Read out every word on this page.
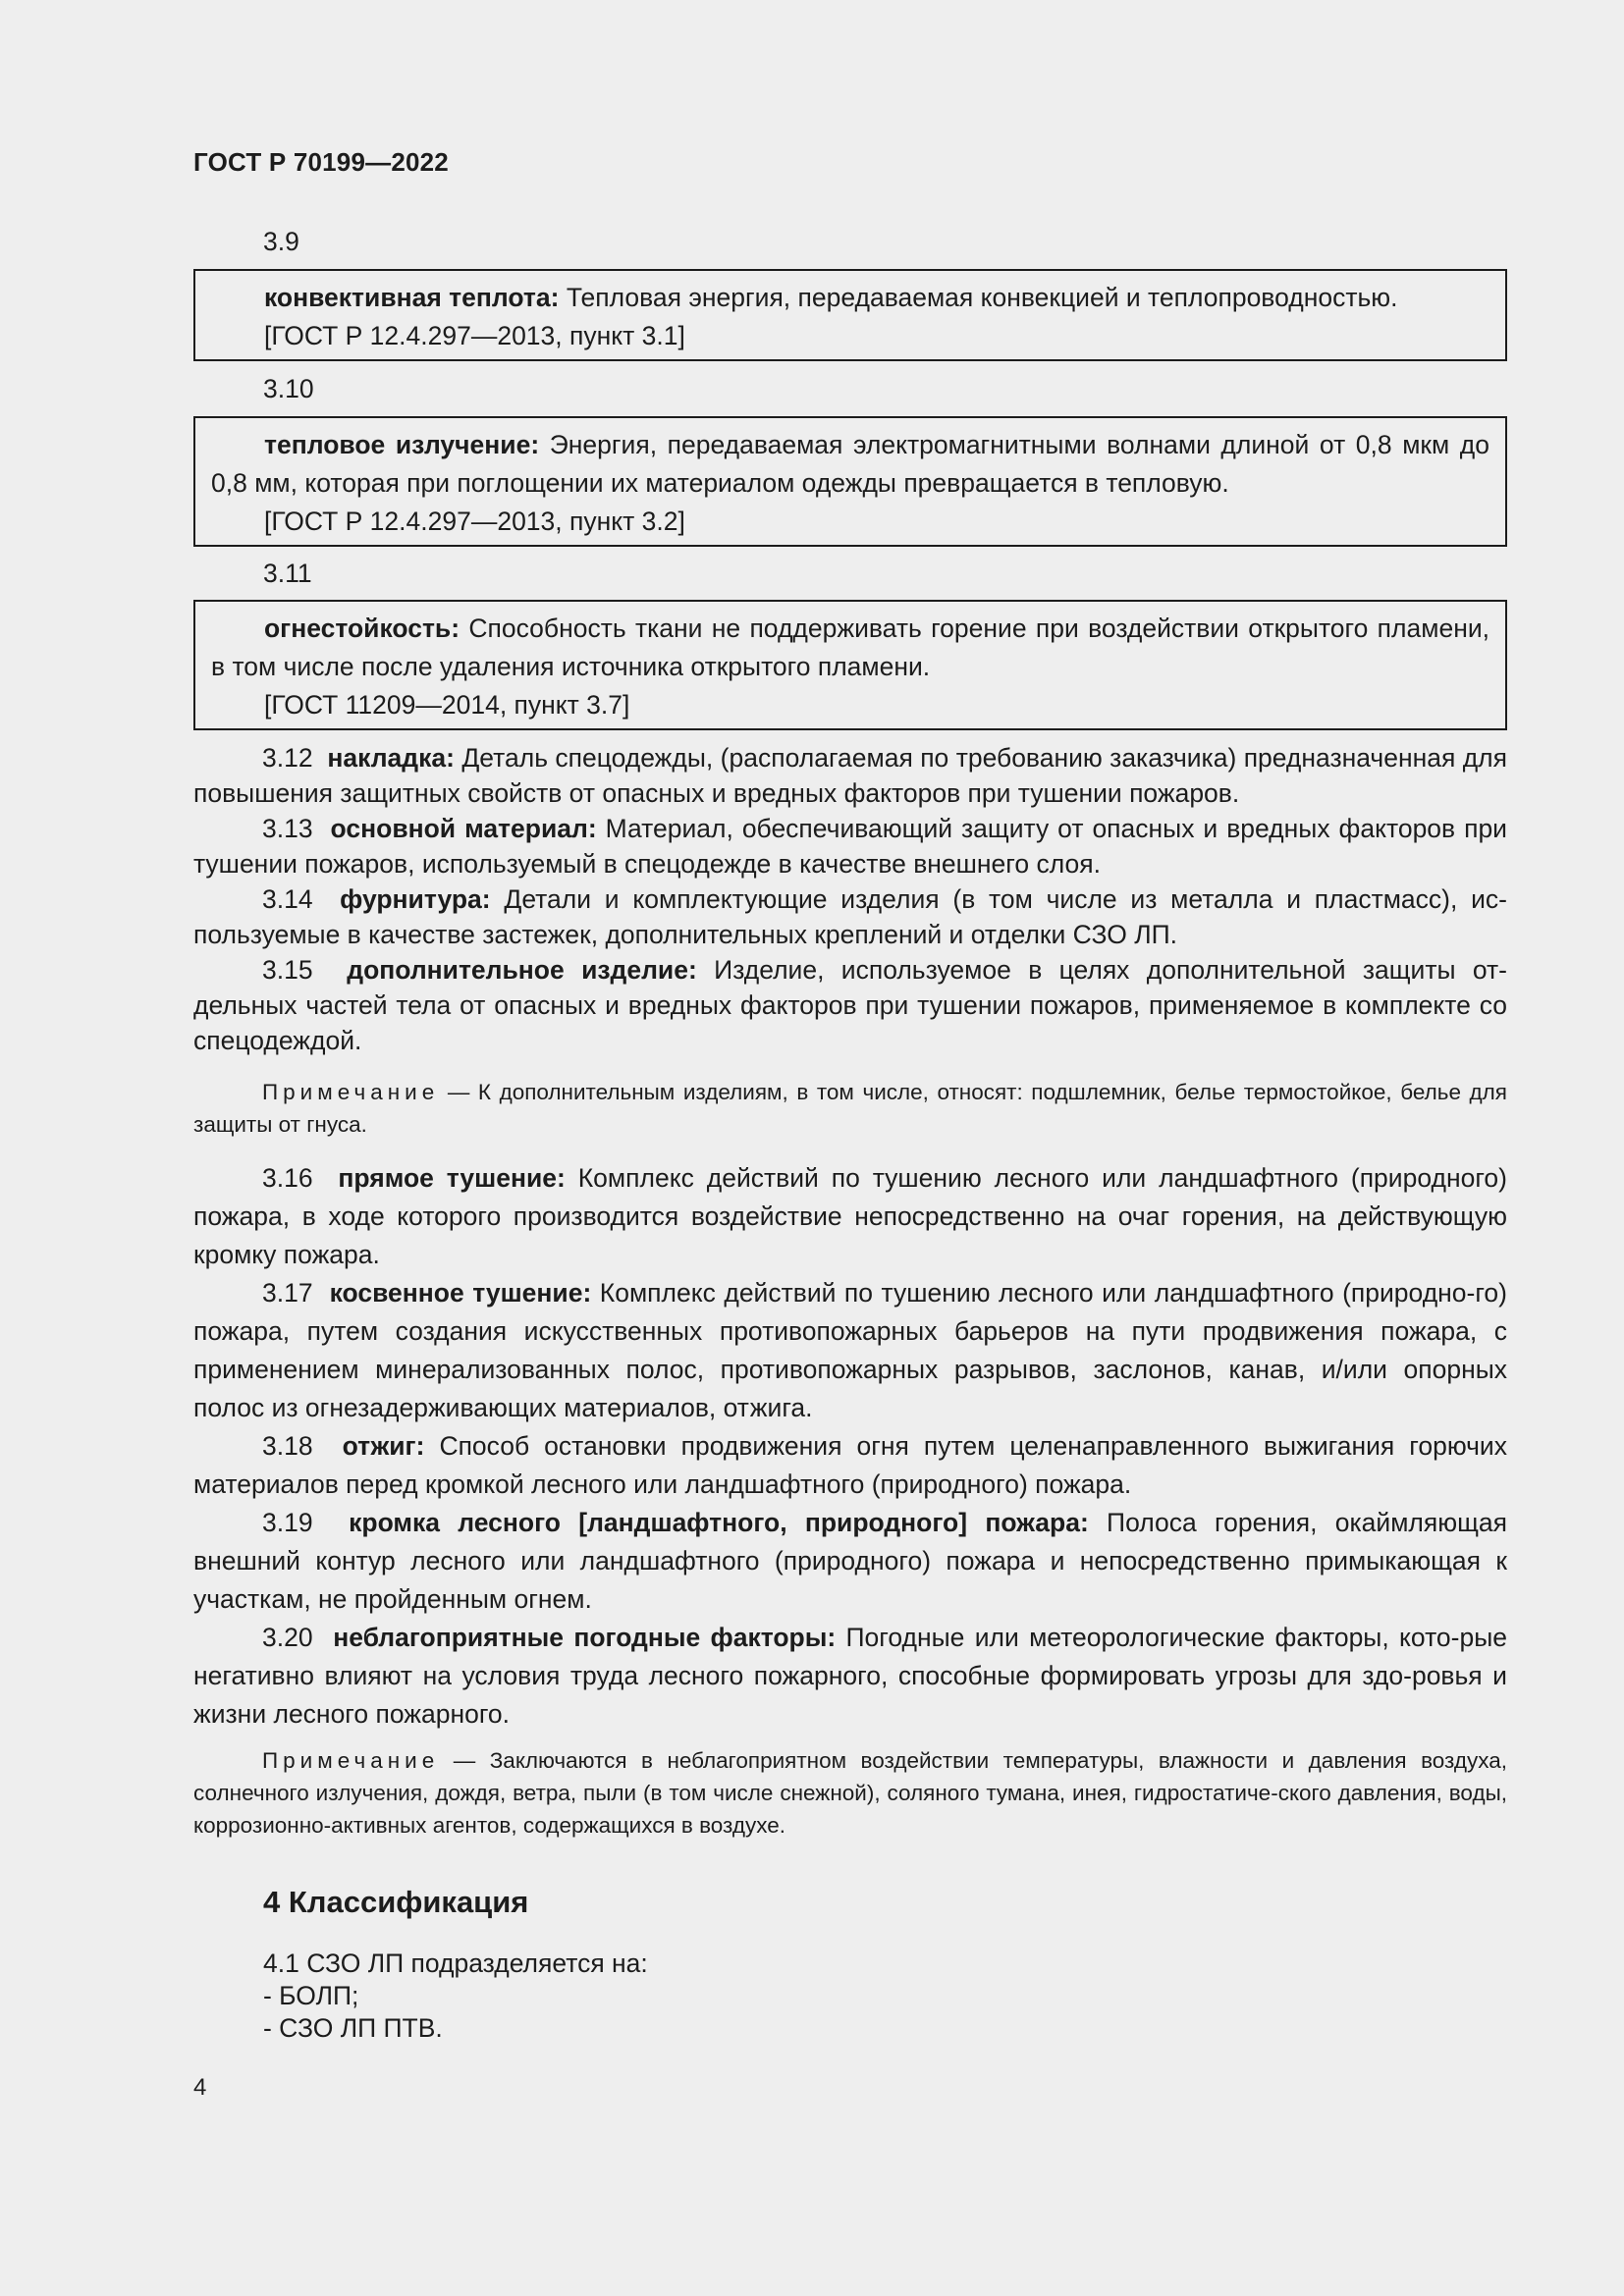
ГОСТ Р 70199—2022
3.9

конвективная теплота: Тепловая энергия, передаваемая конвекцией и теплопроводностью.

[ГОСТ Р 12.4.297—2013, пункт 3.1]

3.10

тепловое излучение: Энергия, передаваемая электромагнитными волнами длиной от 0,8 мкм до 0,8 мм, которая при поглощении их материалом одежды превращается в тепловую.

[ГОСТ Р 12.4.297—2013, пункт 3.2]

3.11

огнестойкость: Способность ткани не поддерживать горение при воздействии открытого пламени, в том числе после удаления источника открытого пламени.

[ГОСТ 11209—2014, пункт 3.7]

3.12 накладка: Деталь спецодежды, (располагаемая по требованию заказчика) предназначенная для повышения защитных свойств от опасных и вредных факторов при тушении пожаров.

3.13 основной материал: Материал, обеспечивающий защиту от опасных и вредных факторов при тушении пожаров, используемый в спецодежде в качестве внешнего слоя.

3.14 фурнитура: Детали и комплектующие изделия (в том числе из металла и пластмасс), ис-пользуемые в качестве застежек, дополнительных креплений и отделки СЗО ЛП.

3.15 дополнительное изделие: Изделие, используемое в целях дополнительной защиты от-дельных частей тела от опасных и вредных факторов при тушении пожаров, применяемое в комплекте со спецодеждой.

Примечание — К дополнительным изделиям, в том числе, относят: подшлемник, белье термостойкое, белье для защиты от гнуса.

3.16 прямое тушение: Комплекс действий по тушению лесного или ландшафтного (природного) пожара, в ходе которого производится воздействие непосредственно на очаг горения, на действующую кромку пожара.

3.17 косвенное тушение: Комплекс действий по тушению лесного или ландшафтного (природно-го) пожара, путем создания искусственных противопожарных барьеров на пути продвижения пожара, с применением минерализованных полос, противопожарных разрывов, заслонов, канав, и/или опорных полос из огнезадерживающих материалов, отжига.

3.18 отжиг: Способ остановки продвижения огня путем целенаправленного выжигания горючих материалов перед кромкой лесного или ландшафтного (природного) пожара.

3.19 кромка лесного [ландшафтного, природного] пожара: Полоса горения, окаймляющая внешний контур лесного или ландшафтного (природного) пожара и непосредственно примыкающая к участкам, не пройденным огнем.

3.20 неблагоприятные погодные факторы: Погодные или метеорологические факторы, кото-рые негативно влияют на условия труда лесного пожарного, способные формировать угрозы для здо-ровья и жизни лесного пожарного.

Примечание — Заключаются в неблагоприятном воздействии температуры, влажности и давления воздуха, солнечного излучения, дождя, ветра, пыли (в том числе снежной), соляного тумана, инея, гидростатиче-ского давления, воды, коррозионно-активных агентов, содержащихся в воздухе.

4 Классификация
4.1 СЗО ЛП подразделяется на:
- БОЛП;
- СЗО ЛП ПТВ.
4
